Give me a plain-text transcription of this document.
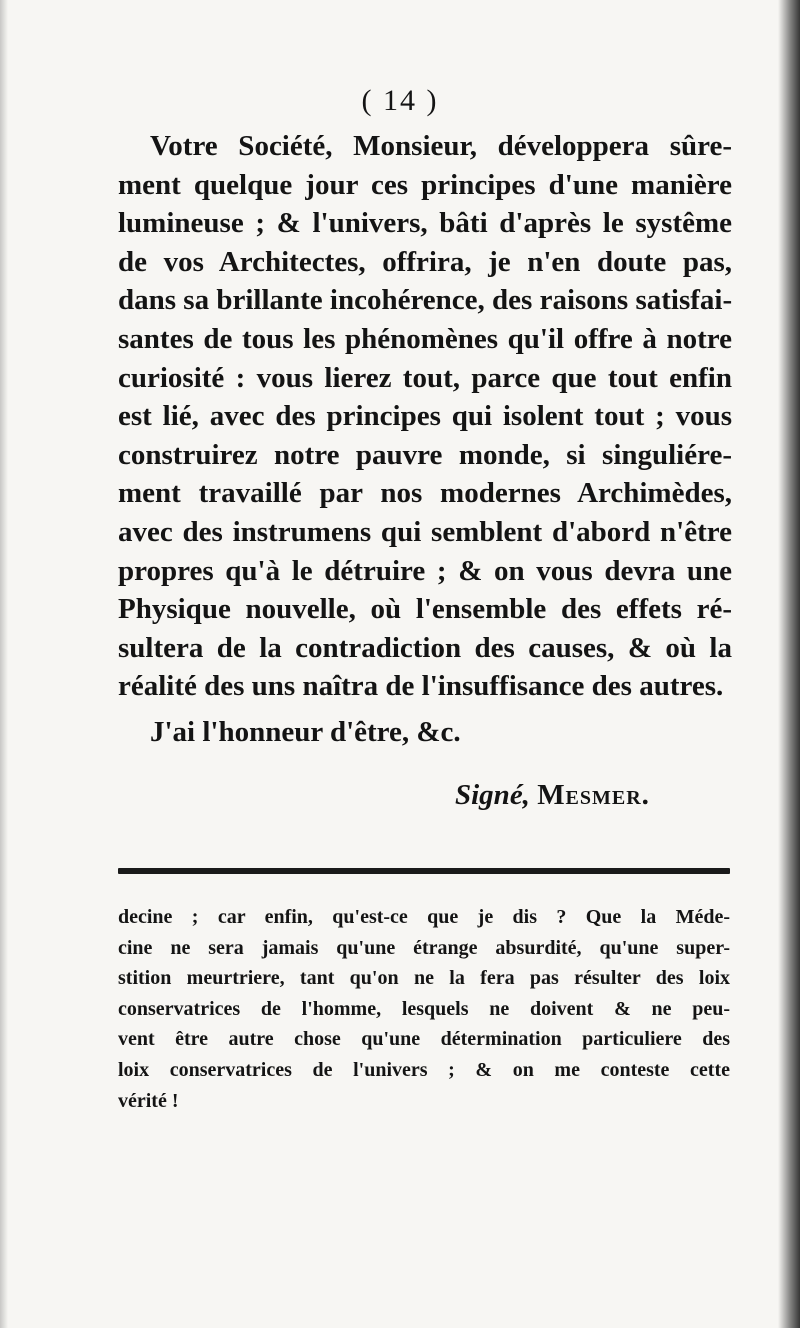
( 14 )
Votre Société, Monsieur, développera sûre-
ment quelque jour ces principes d'une manière
lumineuse ; & l'univers, bâti d'après le systême
de vos Architectes, offrira, je n'en doute pas,
dans sa brillante incohérence, des raisons satisfai-
santes de tous les phénomènes qu'il offre à notre
curiosité : vous lierez tout, parce que tout enfin
est lié, avec des principes qui isolent tout ; vous
construirez notre pauvre monde, si singuliére-
ment travaillé par nos modernes Archimèdes,
avec des instrumens qui semblent d'abord n'être
propres qu'à le détruire ; & on vous devra une
Physique nouvelle, où l'ensemble des effets ré-
sultera de la contradiction des causes, & où la
réalité des uns naîtra de l'insuffisance des autres.
J'ai l'honneur d'être, &c.
Signé, Mesmer.
decine ; car enfin, qu'est-ce que je dis ? Que la Méde-
cine ne sera jamais qu'une étrange absurdité, qu'une super-
stition meurtriere, tant qu'on ne la fera pas résulter des loix
conservatrices de l'homme, lesquels ne doivent & ne peu-
vent être autre chose qu'une détermination particuliere des
loix conservatrices de l'univers ; & on me conteste cette
vérité !
